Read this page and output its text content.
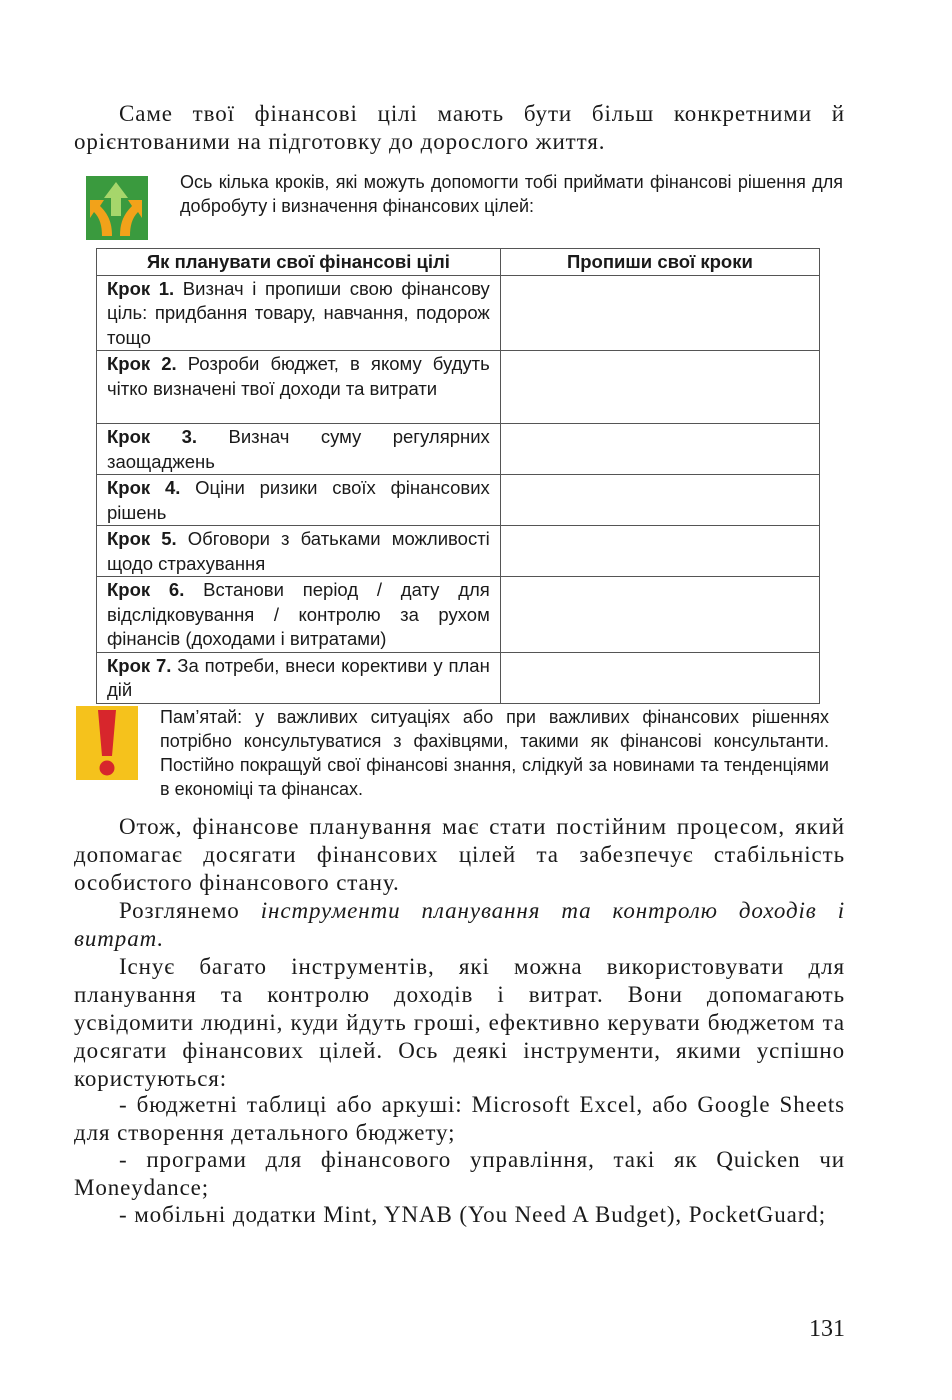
Саме твої фінансові цілі мають бути більш конкретними й орієнтованими на підготовку до дорослого життя.
Ось кілька кроків, які можуть допомогти тобі приймати фінансові рішення для добробуту і визначення фінансових цілей:
Як планувати свої фінансові цілі	Пропиши свої кроки
Крок 1. Визнач і пропиши свою фінансову ціль: придбання товару, навчання, подорож тощо	
Крок 2. Розроби бюджет, в якому будуть чітко визначені твої доходи та витрати	
Крок 3. Визнач суму регулярних заощаджень	
Крок 4. Оціни ризики своїх фінансових рішень	
Крок 5. Обговори з батьками можливості щодо страхування	
Крок 6. Встанови період / дату для відслідковування / контролю за рухом фінансів (доходами і витратами)	
Крок 7. За потреби, внеси корективи у план дій	
Пам’ятай: у важливих ситуаціях або при важливих фінансових рішеннях потрібно консультуватися з фахівцями, такими як фінансові консультанти. Постійно покращуй свої фінансові знання, слідкуй за новинами та тенденціями в економіці та фінансах.
Отож, фінансове планування має стати постійним процесом, який допомагає досягати фінансових цілей та забезпечує стабільність особистого фінансового стану.
Розглянемо інструменти планування та контролю доходів і витрат.
Існує багато інструментів, які можна використовувати для планування та контролю доходів і витрат. Вони допомагають усвідомити людині, куди йдуть гроші, ефективно керувати бюджетом та досягати фінансових цілей. Ось деякі інструменти, якими успішно користуються:
- бюджетні таблиці або аркуші: Microsoft Excel, або Google Sheets для створення детального бюджету;
- програми для фінансового управління, такі як Quicken чи Moneydance;
- мобільні додатки Mint, YNAB (You Need A Budget), PocketGuard;
131
